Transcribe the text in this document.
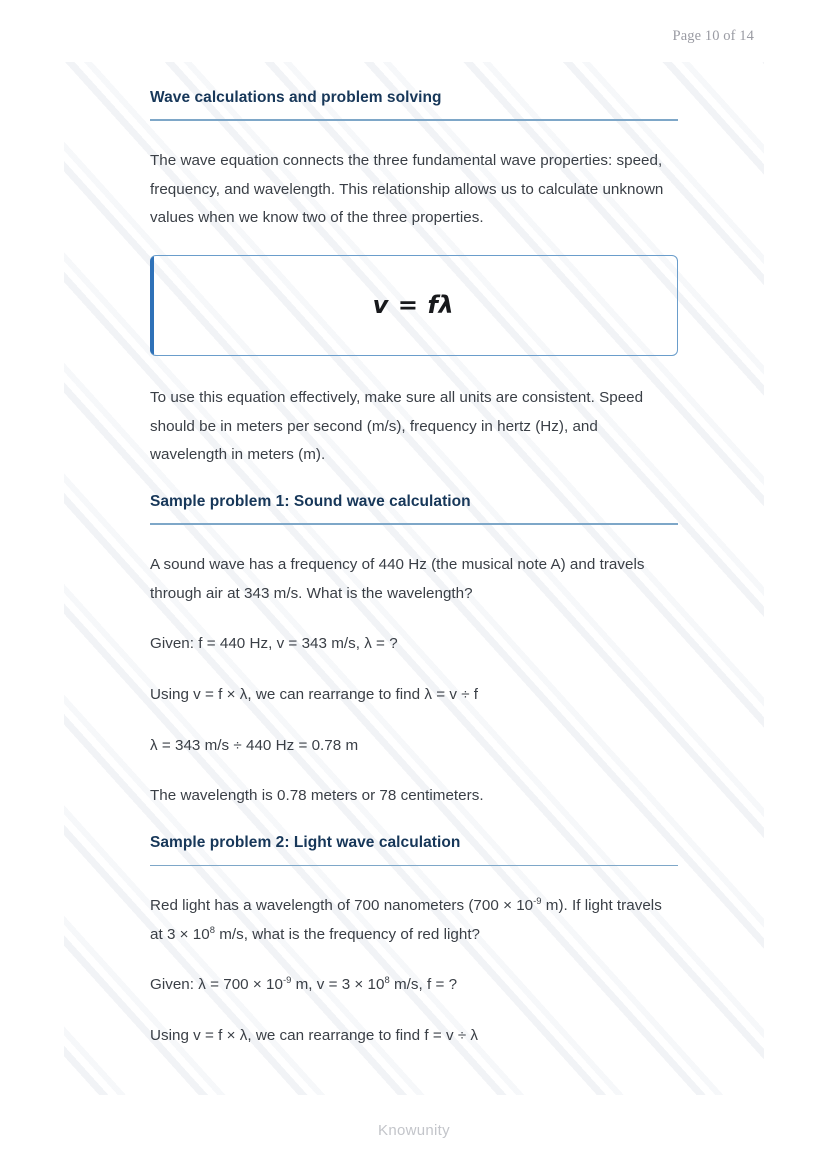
Page 10 of 14
Wave calculations and problem solving

The wave equation connects the three fundamental wave properties: speed, frequency, and wavelength. This relationship allows us to calculate unknown values when we know two of the three properties.

v = fλ

To use this equation effectively, make sure all units are consistent. Speed should be in meters per second (m/s), frequency in hertz (Hz), and wavelength in meters (m).

Sample problem 1: Sound wave calculation

A sound wave has a frequency of 440 Hz (the musical note A) and travels through air at 343 m/s. What is the wavelength?

Given: f = 440 Hz, v = 343 m/s, λ = ?

Using v = f × λ, we can rearrange to find λ = v ÷ f

λ = 343 m/s ÷ 440 Hz = 0.78 m

The wavelength is 0.78 meters or 78 centimeters.

Sample problem 2: Light wave calculation

Red light has a wavelength of 700 nanometers ($700 \times 10^{-9}$ m). If light travels at $3 \times 10^8$ m/s, what is the frequency of red light?

Given: $\lambda = 700 \times 10^{-9}$ m, $v = 3 \times 10^8$ m/s, f = ?

Using v = f × λ, we can rearrange to find f = v ÷ λ

Knowunity
